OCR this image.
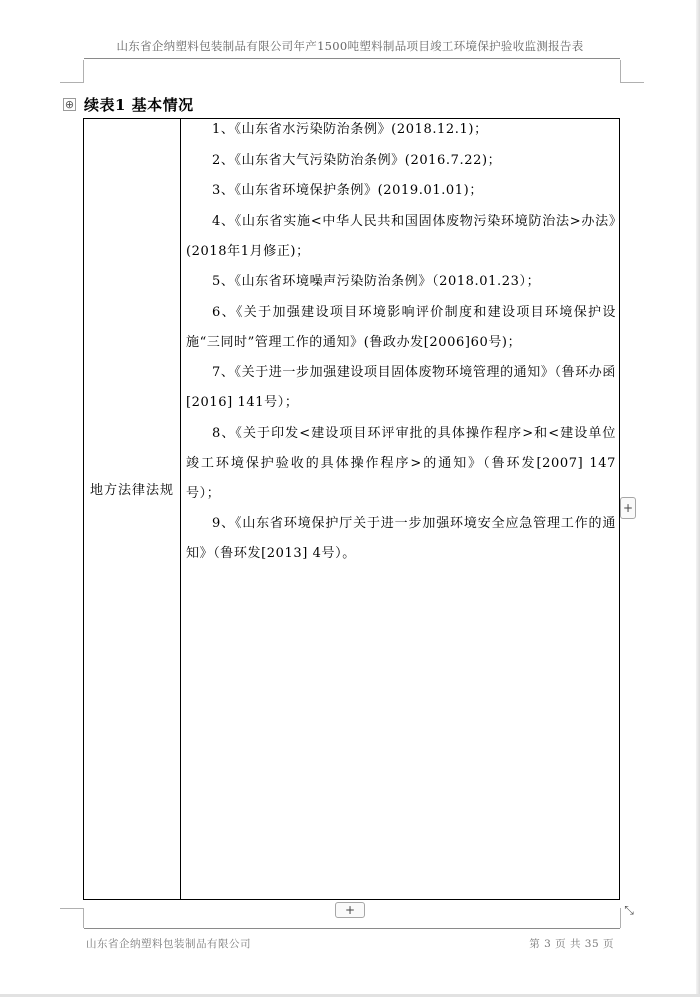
山东省企纳塑料包装制品有限公司年产1500吨塑料制品项目竣工环境保护验收监测报告表
⊕ 续表1 基本情况
地方法律法规

1、《山东省水污染防治条例》(2018.12.1)；

2、《山东省大气污染防治条例》(2016.7.22)；

3、《山东省环境保护条例》(2019.01.01)；

4、《山东省实施<中华人民共和国固体废物污染环境防治法>办法》(2018年1月修正)；

5、《山东省环境噪声污染防治条例》（2018.01.23）；

6、《关于加强建设项目环境影响评价制度和建设项目环境保护设施“三同时”管理工作的通知》(鲁政办发[2006]60号)；

7、《关于进一步加强建设项目固体废物环境管理的通知》（鲁环办函[2016] 141号）；

8、《关于印发<建设项目环评审批的具体操作程序>和<建设单位竣工环境保护验收的具体操作程序>的通知》（鲁环发[2007] 147号）；

9、《山东省环境保护厅关于进一步加强环境安全应急管理工作的通知》（鲁环发[2013] 4号）。

+
+	⤡
山东省企纳塑料包装制品有限公司	第 3 页 共 35 页
